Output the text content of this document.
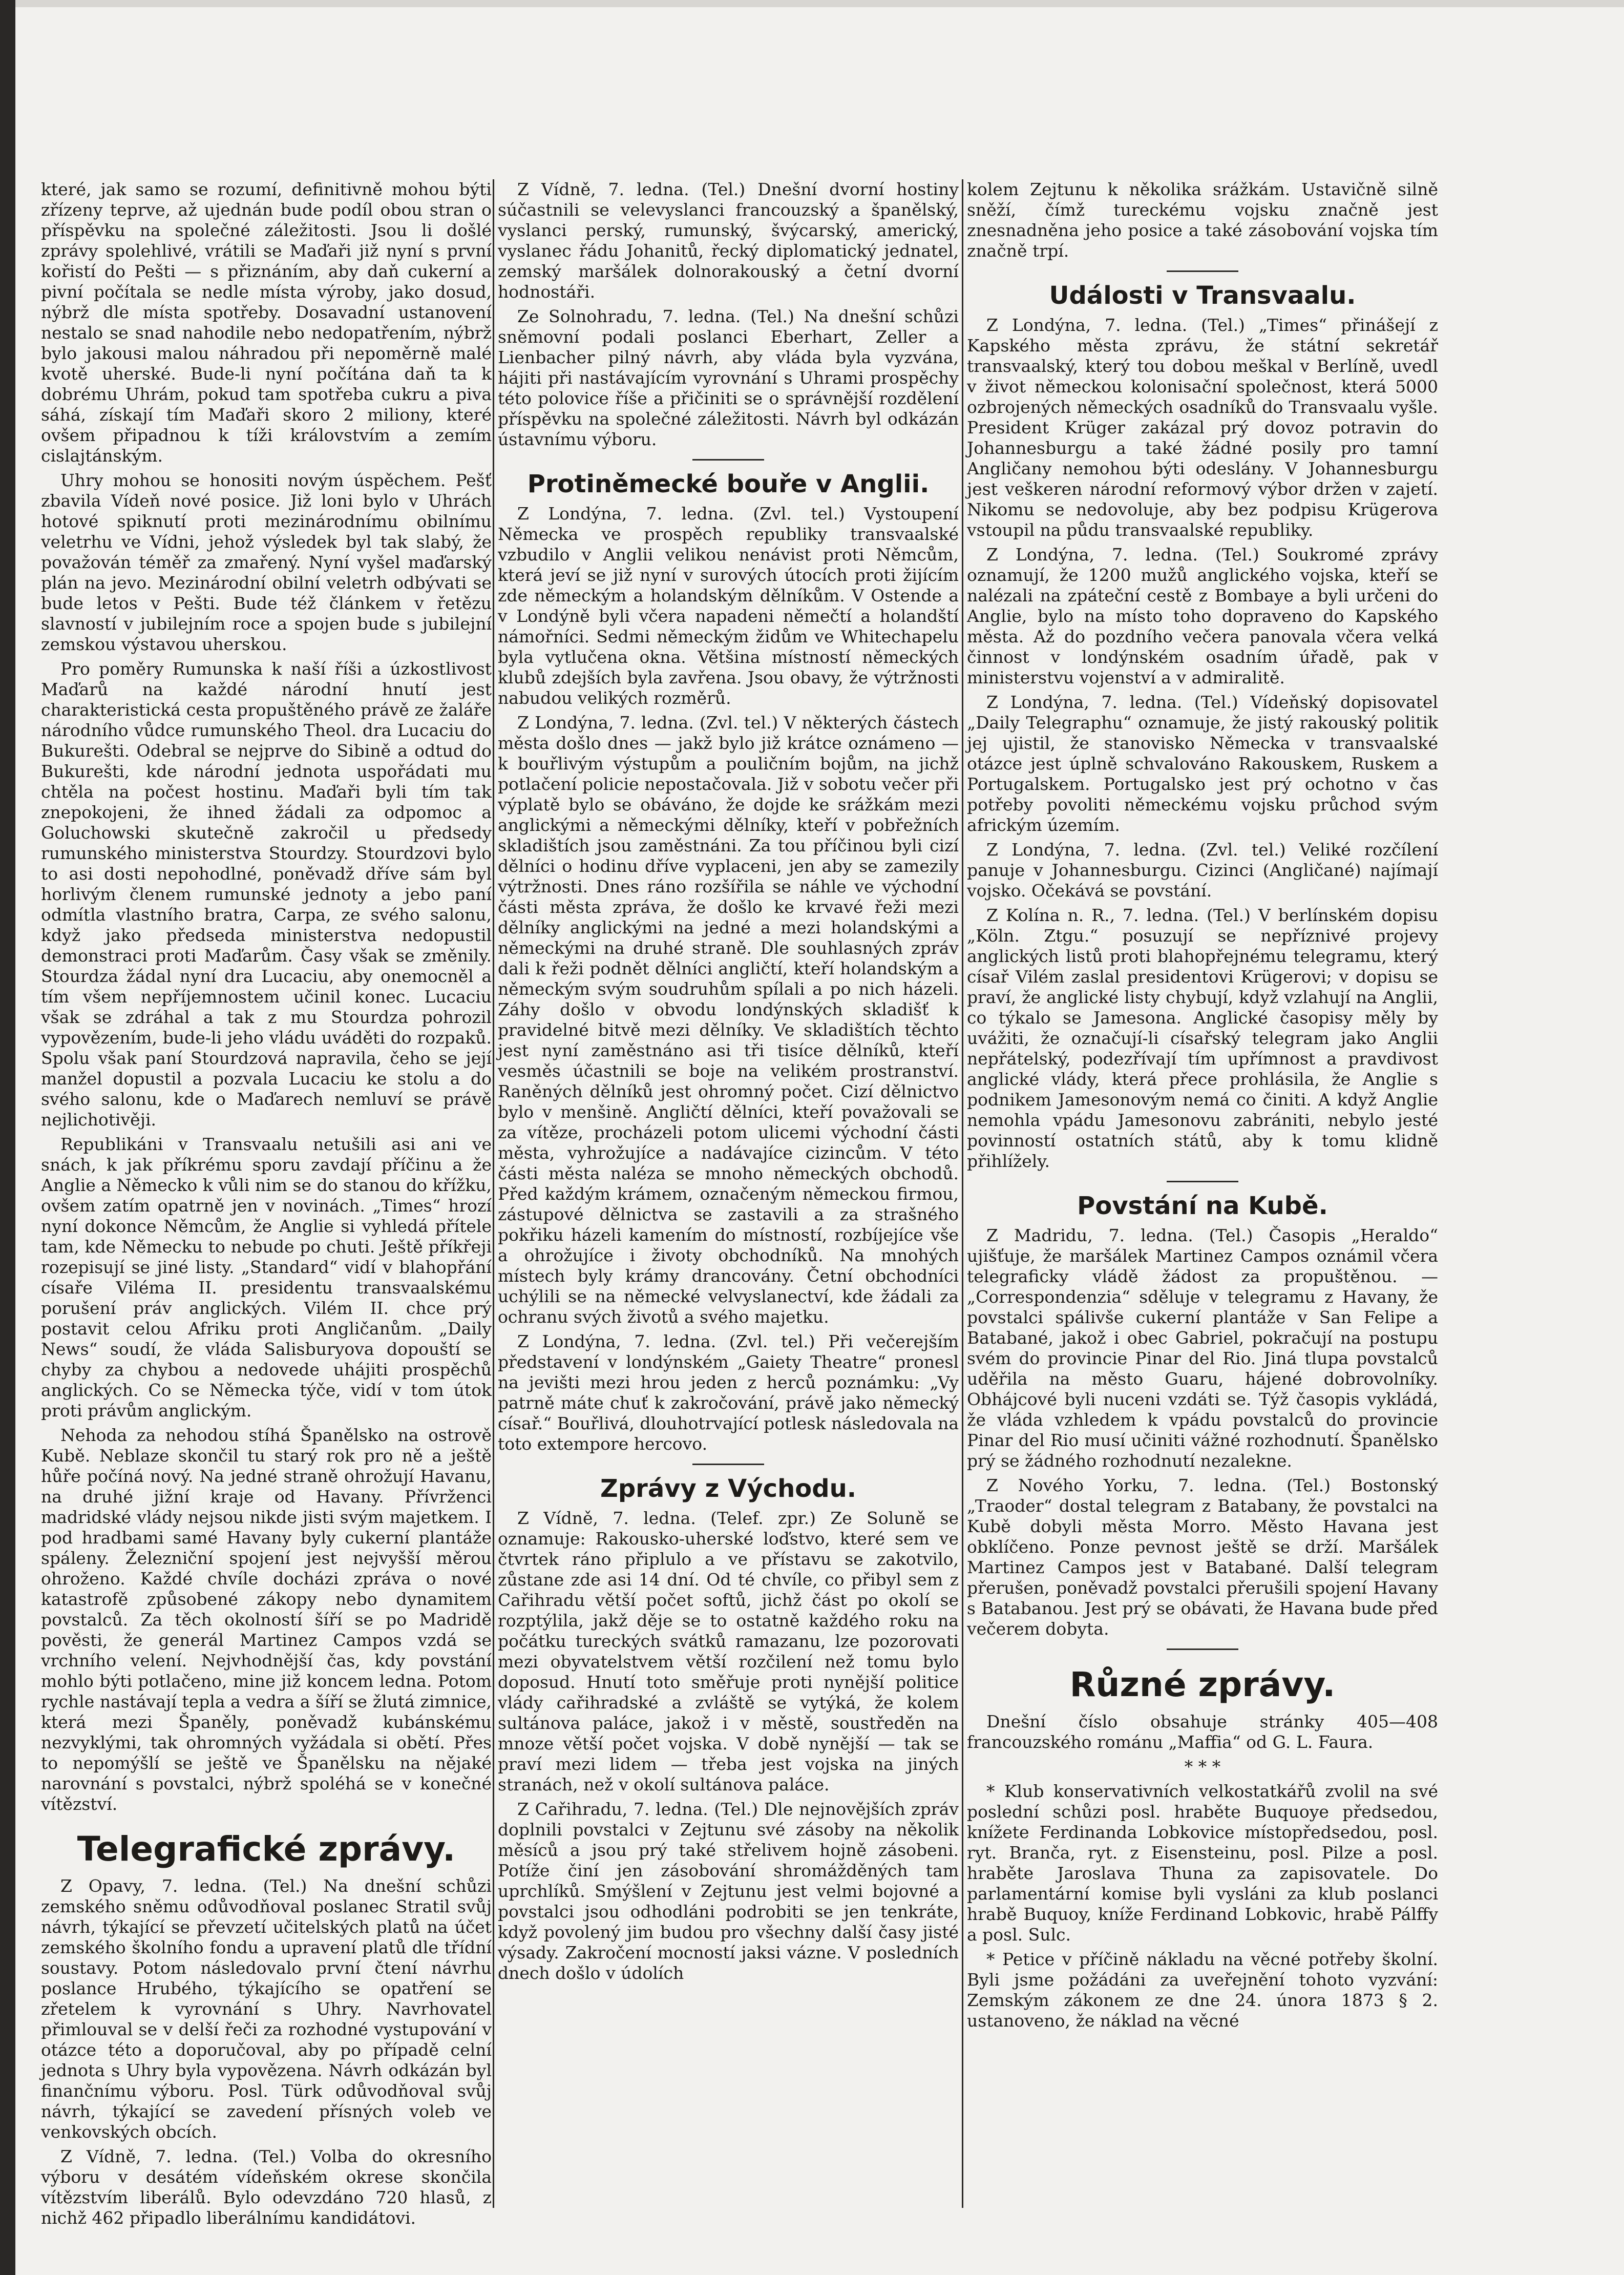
které, jak samo se rozumí, definitivně mohou býti zřízeny teprve, až ujednán bude podíl obou stran o příspěvku na společné záležitosti. Jsou li došlé zprávy spolehlivé, vrátili se Maďaři již nyní s první kořistí do Pešti — s přiznáním, aby daň cukerní a pivní počítala se nedle místa výroby, jako dosud, nýbrž dle místa spotřeby. Dosavadní ustanovení nestalo se snad nahodile nebo nedopatřením, nýbrž bylo jakousi malou náhradou při nepoměrně malé kvotě uherské. Bude-li nyní počítána daň ta k dobrému Uhrám, pokud tam spotřeba cukru a piva sáhá, získají tím Maďaři skoro 2 miliony, které ovšem připadnou k tíži královstvím a zemím cislajtánským.

Uhry mohou se honositi novým úspěchem. Pešť zbavila Vídeň nové posice. Již loni bylo v Uhrách hotové spiknutí proti mezinárodnímu obilnímu veletrhu ve Vídni, jehož výsledek byl tak slabý, že považován téměř za zmařený. Nyní vyšel maďarský plán na jevo. Mezinárodní obilní veletrh odbývati se bude letos v Pešti. Bude též článkem v řetězu slavností v jubilejním roce a spojen bude s jubilejní zemskou výstavou uherskou.

Pro poměry Rumunska k naší říši a úzkostlivost Maďarů na každé národní hnutí jest charakteristická cesta propuštěného právě ze žaláře národního vůdce rumunského Theol. dra Lucaciu do Bukurešti. Odebral se nejprve do Sibině a odtud do Bukurešti, kde národní jednota uspořádati mu chtěla na počest hostinu. Maďaři byli tím tak znepokojeni, že ihned žádali za odpomoc a Goluchowski skutečně zakročil u předsedy rumunského ministerstva Stourdzy. Stourdzovi bylo to asi dosti nepohodlné, poněvadž dříve sám byl horlivým členem rumunské jednoty a jebo paní odmítla vlastního bratra, Carpa, ze svého salonu, když jako předseda ministerstva nedopustil demonstraci proti Maďarům. Časy však se změnily. Stourdza žádal nyní dra Lucaciu, aby onemocněl a tím všem nepříjemnostem učinil konec. Lucaciu však se zdráhal a tak z mu Stourdza pohrozil vypovězením, bude-li jeho vládu uváděti do rozpaků. Spolu však paní Stourdzová napravila, čeho se její manžel dopustil a pozvala Lucaciu ke stolu a do svého salonu, kde o Maďarech nemluví se právě nejlichotivěji.

Republikáni v Transvaalu netušili asi ani ve snách, k jak příkrému sporu zavdají příčinu a že Anglie a Německo k vůli nim se do stanou do křížku, ovšem zatím opatrně jen v novinách. „Times“ hrozí nyní dokonce Němcům, že Anglie si vyhledá přítele tam, kde Německu to nebude po chuti. Ještě příkřeji rozepisují se jiné listy. „Standard“ vidí v blahopřání císaře Viléma II. presidentu transvaalskému porušení práv anglických. Vilém II. chce prý postavit celou Afriku proti Angličanům. „Daily News“ soudí, že vláda Salisburyova dopouští se chyby za chybou a nedovede uhájiti prospěchů anglických. Co se Německa týče, vidí v tom útok proti právům anglickým.

Nehoda za nehodou stíhá Španělsko na ostrově Kubě. Neblaze skončil tu starý rok pro ně a ještě hůře počíná nový. Na jedné straně ohrožují Havanu, na druhé jižní kraje od Havany. Přívrženci madridské vlády nejsou nikde jisti svým majetkem. I pod hradbami samé Havany byly cukerní plantáže spáleny. Železniční spojení jest nejvyšší měrou ohroženo. Každé chvíle docházi zpráva o nové katastrofě způsobené zákopy nebo dynamitem povstalců. Za těch okolností šíří se po Madridě pověsti, že generál Martinez Campos vzdá se vrchního velení. Nejvhodnější čas, kdy povstání mohlo býti potlačeno, mine již koncem ledna. Potom rychle nastávají tepla a vedra a šíří se žlutá zimnice, která mezi Španěly, poněvadž kubánskému nezvyklými, tak ohromných vyžádala si obětí. Přes to nepomýšlí se ještě ve Španělsku na nějaké narovnání s povstalci, nýbrž spoléhá se v konečné vítězství.

Telegrafické zprávy.

Z Opavy, 7. ledna. (Tel.) Na dnešní schůzi zemského sněmu odůvodňoval poslanec Stratil svůj návrh, týkající se převzetí učitelských platů na účet zemského školního fondu a upravení platů dle třídní soustavy. Potom následovalo první čtení návrhu poslance Hrubého, týkajícího se opatření se zřetelem k vyrovnání s Uhry. Navrhovatel přimlouval se v delší řeči za rozhodné vystupování v otázce této a doporučoval, aby po případě celní jednota s Uhry byla vypovězena. Návrh odkázán byl finančnímu výboru. Posl. Türk odůvodňoval svůj návrh, týkající se zavedení přísných voleb ve venkovských obcích.

Z Vídně, 7. ledna. (Tel.) Volba do okresního výboru v desátém vídeňském okrese skončila vítězstvím liberálů. Bylo odevzdáno 720 hlasů, z nichž 462 připadlo liberálnímu kandidátovi.

Z Vídně, 7. ledna. (Tel.) Dnešní dvorní hostiny súčastnili se velevyslanci francouzský a španělský, vyslanci perský, rumunský, švýcarský, americký, vyslanec řádu Johanitů, řecký diplomatický jednatel, zemský maršálek dolnorakouský a četní dvorní hodnostáři.

Ze Solnohradu, 7. ledna. (Tel.) Na dnešní schůzi sněmovní podali poslanci Eberhart, Zeller a Lienbacher pilný návrh, aby vláda byla vyzvána, hájiti při nastávajícím vyrovnání s Uhrami prospěchy této polovice říše a přičiniti se o správnější rozdělení příspěvku na společné záležitosti. Návrh byl odkázán ústavnímu výboru.

Protiněmecké bouře v Anglii.

Z Londýna, 7. ledna. (Zvl. tel.) Vystoupení Německa ve prospěch republiky transvaalské vzbudilo v Anglii velikou nenávist proti Němcům, která jeví se již nyní v surových útocích proti žijícím zde německým a holandským dělníkům. V Ostende a v Londýně byli včera napadeni němečtí a holandští námořníci. Sedmi německým židům ve Whitechapelu byla vytlučena okna. Většina místností německých klubů zdejších byla zavřena. Jsou obavy, že výtržnosti nabudou velikých rozměrů.

Z Londýna, 7. ledna. (Zvl. tel.) V některých částech města došlo dnes — jakž bylo již krátce oznámeno — k bouřlivým výstupům a pouličním bojům, na jichž potlačení policie nepostačovala. Již v sobotu večer při výplatě bylo se obáváno, že dojde ke srážkám mezi anglickými a německými dělníky, kteří v pobřežních skladištích jsou zaměstnáni. Za tou příčinou byli cizí dělníci o hodinu dříve vyplaceni, jen aby se zamezily výtržnosti. Dnes ráno rozšířila se náhle ve východní části města zpráva, že došlo ke krvavé řeži mezi dělníky anglickými na jedné a mezi holandskými a německými na druhé straně. Dle souhlasných zpráv dali k řeži podnět dělníci angličtí, kteří holandským a německým svým soudruhům spílali a po nich házeli. Záhy došlo v obvodu londýnských skladišť k pravidelné bitvě mezi dělníky. Ve skladištích těchto jest nyní zaměstnáno asi tři tisíce dělníků, kteří vesměs účastnili se boje na velikém prostranství. Raněných dělníků jest ohromný počet. Cizí dělnictvo bylo v menšině. Angličtí dělníci, kteří považovali se za vítěze, procházeli potom ulicemi východní části města, vyhrožujíce a nadávajíce cizincům. V této části města naléza se mnoho německých obchodů. Před každým krámem, označeným německou firmou, zástupové dělnictva se zastavili a za strašného pokřiku házeli kamením do místností, rozbíjejíce vše a ohrožujíce i životy obchodníků. Na mnohých místech byly krámy drancovány. Četní obchodníci uchýlili se na německé velvyslanectví, kde žádali za ochranu svých životů a svého majetku.

Z Londýna, 7. ledna. (Zvl. tel.) Při večerejším představení v londýnském „Gaiety Theatre“ pronesl na jevišti mezi hrou jeden z herců poznámku: „Vy patrně máte chuť k zakročování, právě jako německý císař.“ Bouřlivá, dlouhotrvající potlesk následovala na toto extempore hercovo.

Zprávy z Východu.

Z Vídně, 7. ledna. (Telef. zpr.) Ze Soluně se oznamuje: Rakousko-uherské loďstvo, které sem ve čtvrtek ráno připlulo a ve přístavu se zakotvilo, zůstane zde asi 14 dní. Od té chvíle, co přibyl sem z Cařihradu větší počet softů, jichž část po okolí se rozptýlila, jakž děje se to ostatně každého roku na počátku tureckých svátků ramazanu, lze pozorovati mezi obyvatelstvem větší rozčilení než tomu bylo doposud. Hnutí toto směřuje proti nynější politice vlády cařihradské a zvláště se vytýká, že kolem sultánova paláce, jakož i v městě, soustředěn na mnoze větší počet vojska. V době nynější — tak se praví mezi lidem — třeba jest vojska na jiných stranách, než v okolí sultánova paláce.

Z Cařihradu, 7. ledna. (Tel.) Dle nejnovějších zpráv doplnili povstalci v Zejtunu své zásoby na několik měsíců a jsou prý také střelivem hojně zásobeni. Potíže činí jen zásobování shromážděných tam uprchlíků. Smýšlení v Zejtunu jest velmi bojovné a povstalci jsou odhodláni podrobiti se jen tenkráte, když povolený jim budou pro všechny další časy jisté výsady. Zakročení mocností jaksi vázne. V posledních dnech došlo v údolích

kolem Zejtunu k několika srážkám. Ustavičně silně sněží, čímž tureckému vojsku značně jest znesnadněna jeho posice a také zásobování vojska tím značně trpí.

Události v Transvaalu.

Z Londýna, 7. ledna. (Tel.) „Times“ přinášejí z Kapského města zprávu, že státní sekretář transvaalský, který tou dobou meškal v Berlíně, uvedl v život německou kolonisační společnost, která 5000 ozbrojených německých osadníků do Transvaalu vyšle. President Krüger zakázal prý dovoz potravin do Johannesburgu a také žádné posily pro tamní Angličany nemohou býti odeslány. V Johannesburgu jest veškeren národní reformový výbor držen v zajetí. Nikomu se nedovoluje, aby bez podpisu Krügerova vstoupil na půdu transvaalské republiky.

Z Londýna, 7. ledna. (Tel.) Soukromé zprávy oznamují, že 1200 mužů anglického vojska, kteří se nalézali na zpáteční cestě z Bombaye a byli určeni do Anglie, bylo na místo toho dopraveno do Kapského města. Až do pozdního večera panovala včera velká činnost v londýnském osadním úřadě, pak v ministerstvu vojenství a v admiralitě.

Z Londýna, 7. ledna. (Tel.) Vídeňský dopisovatel „Daily Telegraphu“ oznamuje, že jistý rakouský politik jej ujistil, že stanovisko Německa v transvaalské otázce jest úplně schvalováno Rakouskem, Ruskem a Portugalskem. Portugalsko jest prý ochotno v čas potřeby povoliti německému vojsku průchod svým africkým územím.

Z Londýna, 7. ledna. (Zvl. tel.) Veliké rozčílení panuje v Johannesburgu. Cizinci (Angličané) najímají vojsko. Očekává se povstání.

Z Kolína n. R., 7. ledna. (Tel.) V berlínském dopisu „Köln. Ztgu.“ posuzují se nepříznivé projevy anglických listů proti blahopřejnému telegramu, který císař Vilém zaslal presidentovi Krügerovi; v dopisu se praví, že anglické listy chybují, když vzlahují na Anglii, co týkalo se Jamesona. Anglické časopisy měly by uvážiti, že označují-li císařský telegram jako Anglii nepřátelský, podezřívají tím upřímnost a pravdivost anglické vlády, která přece prohlásila, že Anglie s podnikem Jamesonovým nemá co činiti. A když Anglie nemohla vpádu Jamesonovu zabrániti, nebylo jesté povinností ostatních států, aby k tomu klidně přihlížely.

Povstání na Kubě.

Z Madridu, 7. ledna. (Tel.) Časopis „Heraldo“ ujišťuje, že maršálek Martinez Campos oznámil včera telegraficky vládě žádost za propuštěnou. — „Correspondenzia“ sděluje v telegramu z Havany, že povstalci spálivše cukerní plantáže v San Felipe a Batabané, jakož i obec Gabriel, pokračují na postupu svém do provincie Pinar del Rio. Jiná tlupa povstalců uděřila na město Guaru, hájené dobrovolníky. Obhájcové byli nuceni vzdáti se. Týž časopis vykládá, že vláda vzhledem k vpádu povstalců do provincie Pinar del Rio musí učiniti vážné rozhodnutí. Španělsko prý se žádného rozhodnutí nezalekne.

Z Nového Yorku, 7. ledna. (Tel.) Bostonský „Traoder“ dostal telegram z Batabany, že povstalci na Kubě dobyli města Morro. Město Havana jest obklíčeno. Ponze pevnost ještě se drží. Maršálek Martinez Campos jest v Batabané. Další telegram přerušen, poněvadž povstalci přerušili spojení Havany s Batabanou. Jest prý se obávati, že Havana bude před večerem dobyta.

Různé zprávy.

Dnešní číslo obsahuje stránky 405—408 francouzského románu „Maffia“ od G. L. Faura.

* * *

* Klub konservativních velkostatkářů zvolil na své poslední schůzi posl. hraběte Buquoye předsedou, knížete Ferdinanda Lobkovice místopředsedou, posl. ryt. Branča, ryt. z Eisensteinu, posl. Pilze a posl. hraběte Jaroslava Thuna za zapisovatele. Do parlamentární komise byli vysláni za klub poslanci hrabě Buquoy, kníže Ferdinand Lobkovic, hrabě Pálffy a posl. Sulc.

* Petice v příčině nákladu na věcné potřeby školní. Byli jsme požádáni za uveřejnění tohoto vyzvání: Zemským zákonem ze dne 24. února 1873 § 2. ustanoveno, že náklad na věcné
